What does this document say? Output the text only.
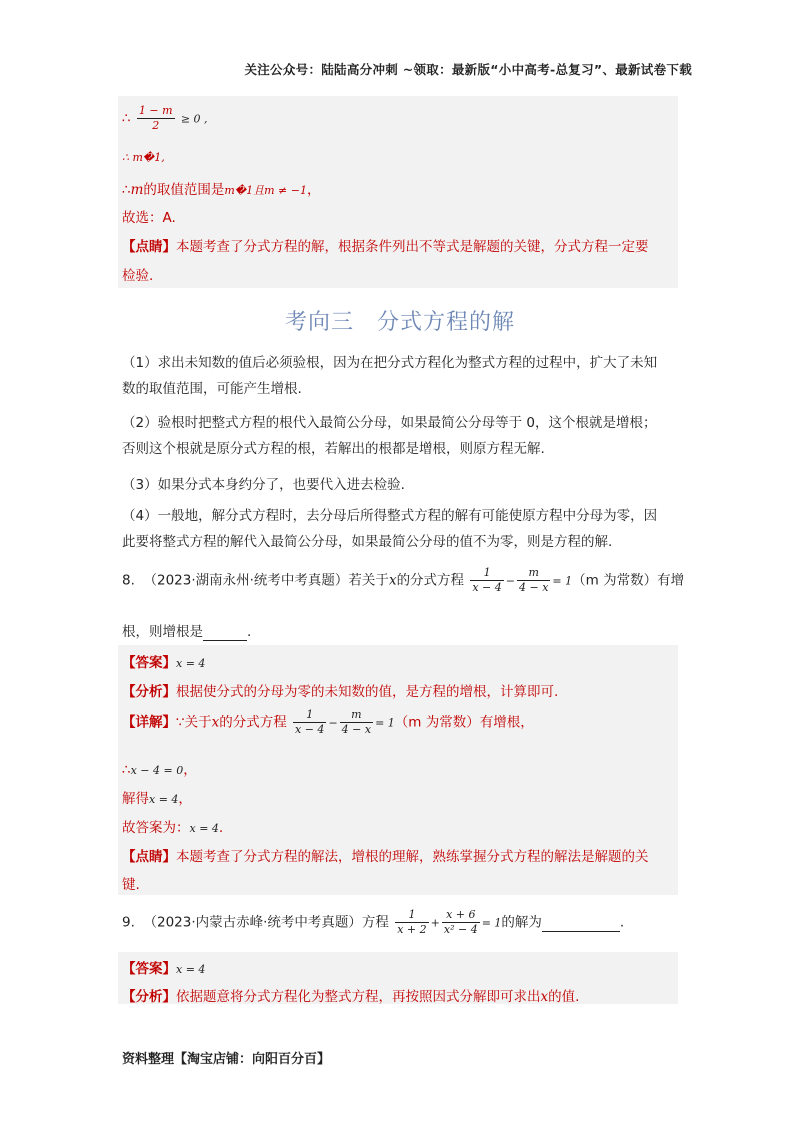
关注公众号：陆陆高分冲刺 ~领取：最新版“小中高考-总复习”、最新试卷下载
∴ $\frac{1 - m}{2} \ge 0$ ,
∴ m�1,
∴m的取值范围是m�1且m ≠ −1，
故选：A.
【点睛】本题考查了分式方程的解，根据条件列出不等式是解题的关键，分式方程一定要
检验.
考向三　分式方程的解
（1）求出未知数的值后必须验根，因为在把分式方程化为整式方程的过程中，扩大了未知
数的取值范围，可能产生增根.
（2）验根时把整式方程的根代入最简公分母，如果最简公分母等于 0，这个根就是增根；
否则这个根就是原分式方程的根，若解出的根都是增根，则原方程无解.
（3）如果分式本身约分了，也要代入进去检验.
（4）一般地，解分式方程时，去分母后所得整式方程的解有可能使原方程中分母为零，因
此要将整式方程的解代入最简公分母，如果最简公分母的值不为零，则是方程的解.
8. （2023·湖南永州·统考中考真题）若关于x的分式方程 $\frac{1}{x - 4} - \frac{m}{4 - x} = 1(m$ 为常数）有增
根，则增根是	.
【答案】x = 4
【分析】根据使分式的分母为零的未知数的值，是方程的增根，计算即可.
【详解】∵关于x的分式方程 $\frac{1}{x - 4} - \frac{m}{4 - x} = 1(m$ 为常数）有增根，
∴x − 4 = 0，
解得x = 4，
故答案为：x = 4.
【点睛】本题考查了分式方程的解法，增根的理解，熟练掌握分式方程的解法是解题的关
键.
9. （2023·内蒙古赤峰·统考中考真题）方程 $\frac{1}{x + 2} + \frac{x + 6}{\text{x² − 4}} = 1$的解为	.
【答案】x = 4
【分析】依据题意将分式方程化为整式方程，再按照因式分解即可求出x的值.
资料整理【淘宝店铺：向阳百分百】
